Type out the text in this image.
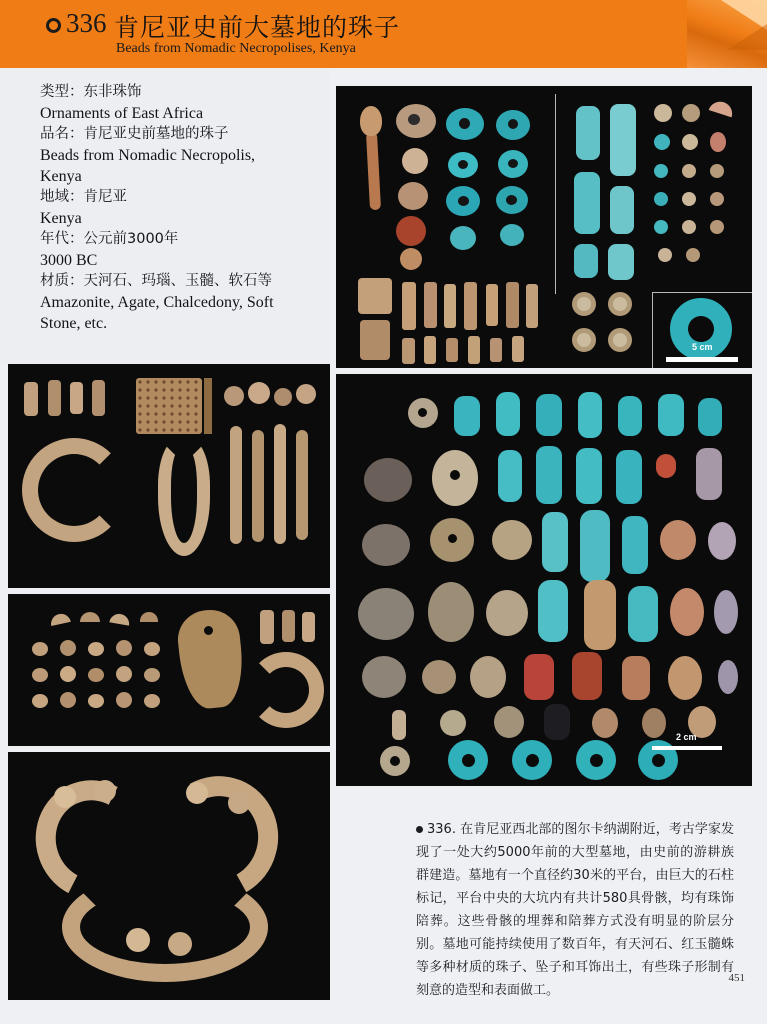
336 肯尼亚史前大墓地的珠子
Beads from Nomadic Necropolises, Kenya
类型：东非珠饰
Ornaments of East Africa
品名：肯尼亚史前墓地的珠子
Beads from Nomadic Necropolis,
Kenya
地域：肯尼亚
Kenya
年代：公元前3000年
3000 BC
材质：天河石、玛瑙、玉髓、软石等
Amazonite, Agate, Chalcedony, Soft
Stone, etc.
5 cm
2 cm
336. 在肯尼亚西北部的图尔卡纳湖附近，考古学家发现了一处大约5000年前的大型墓地，由史前的游耕族群建造。墓地有一个直径约30米的平台，由巨大的石柱标记，平台中央的大坑内有共计580具骨骸，均有珠饰陪葬。这些骨骸的埋葬和陪葬方式没有明显的阶层分别。墓地可能持续使用了数百年，有天河石、红玉髓蛛等多种材质的珠子、坠子和耳饰出土，有些珠子形制有刻意的造型和表面做工。
451
